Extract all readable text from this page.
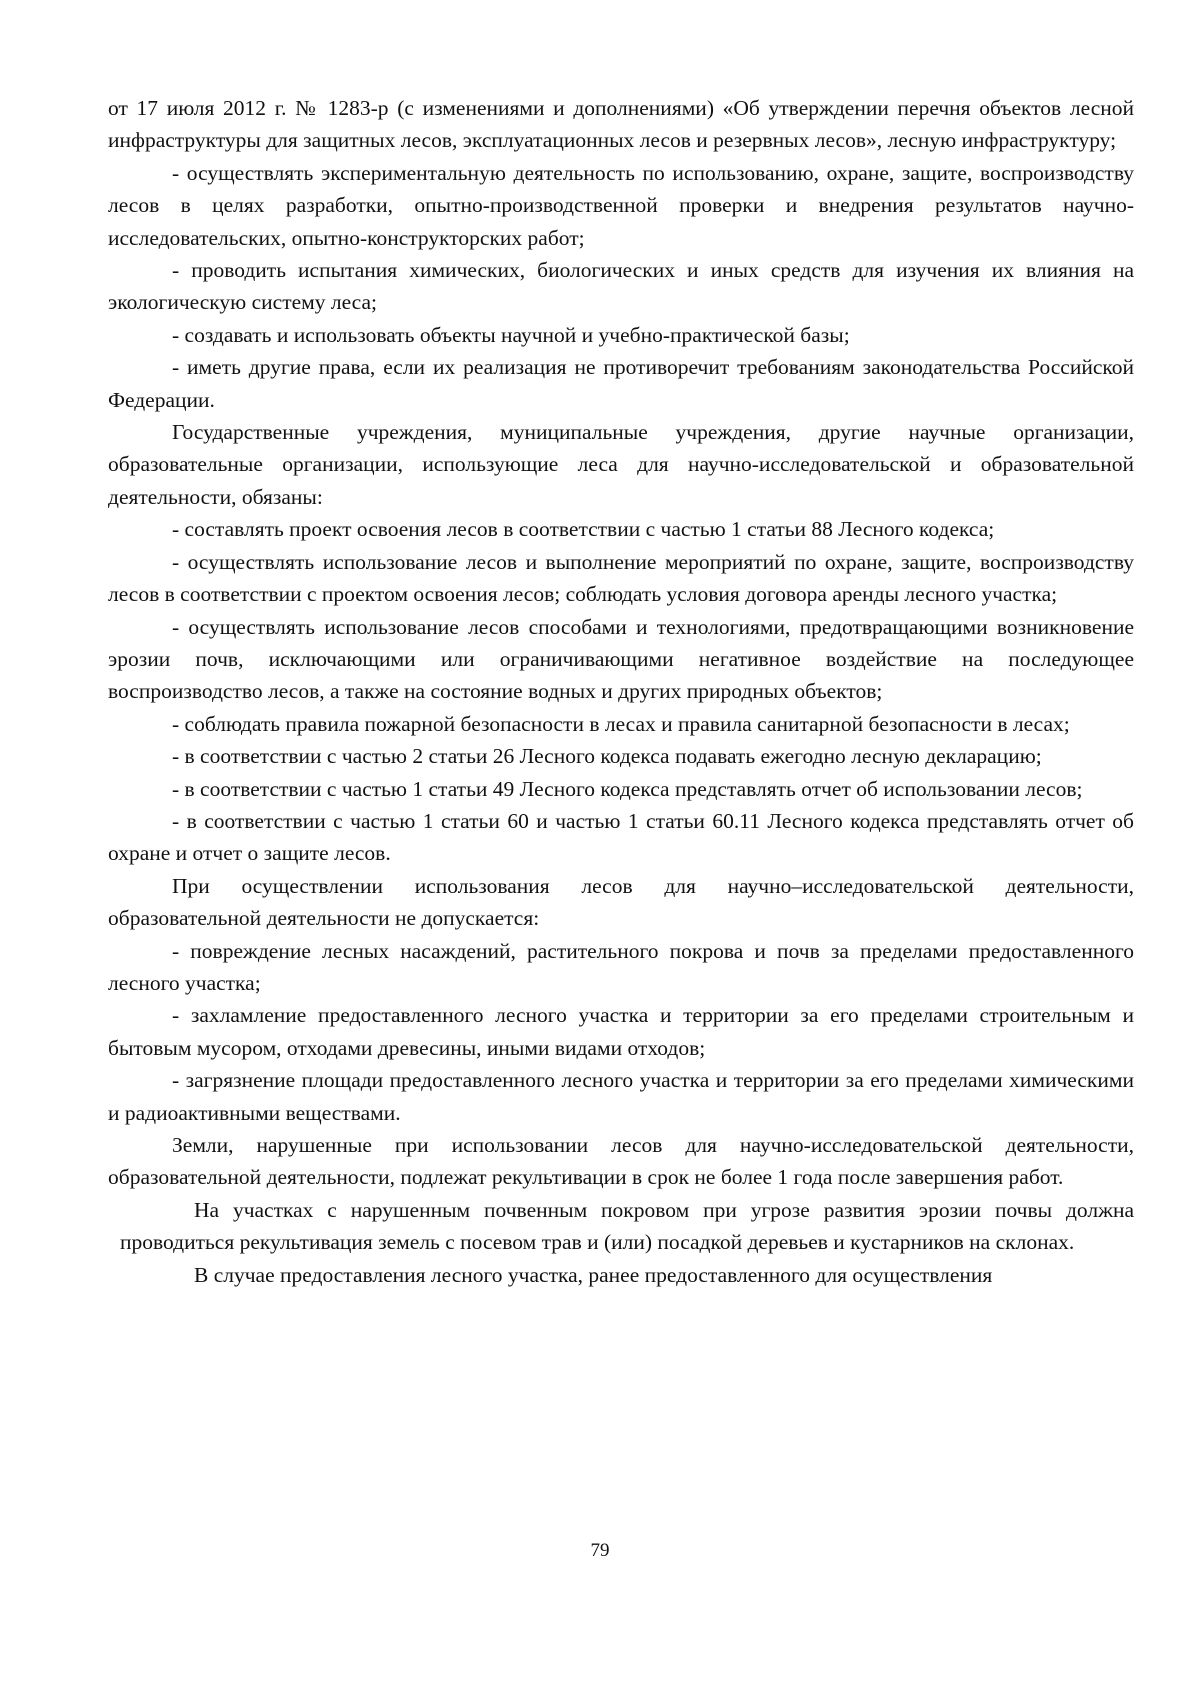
от 17 июля 2012 г. № 1283-р (с изменениями и дополнениями) «Об утверждении перечня объектов лесной инфраструктуры для защитных лесов, эксплуатационных лесов и резервных лесов», лесную инфраструктуру;

- осуществлять экспериментальную деятельность по использованию, охране, защите, воспроизводству лесов в целях разработки, опытно-производственной проверки и внедрения результатов научно-исследовательских, опытно-конструкторских работ;

- проводить испытания химических, биологических и иных средств для изучения их влияния на экологическую систему леса;

- создавать и использовать объекты научной и учебно-практической базы;

- иметь другие права, если их реализация не противоречит требованиям законодательства Российской Федерации.

Государственные учреждения, муниципальные учреждения, другие научные организации, образовательные организации, использующие леса для научно-исследовательской и образовательной деятельности, обязаны:

- составлять проект освоения лесов в соответствии с частью 1 статьи 88 Лесного кодекса;

- осуществлять использование лесов и выполнение мероприятий по охране, защите, воспроизводству лесов в соответствии с проектом освоения лесов; соблюдать условия договора аренды лесного участка;

- осуществлять использование лесов способами и технологиями, предотвращающими возникновение эрозии почв, исключающими или ограничивающими негативное воздействие на последующее воспроизводство лесов, а также на состояние водных и других природных объектов;

- соблюдать правила пожарной безопасности в лесах и правила санитарной безопасности в лесах;

- в соответствии с частью 2 статьи 26 Лесного кодекса подавать ежегодно лесную декларацию;

- в соответствии с частью 1 статьи 49 Лесного кодекса представлять отчет об использовании лесов;

- в соответствии с частью 1 статьи 60 и частью 1 статьи 60.11 Лесного кодекса представлять отчет об охране и отчет о защите лесов.

При осуществлении использования лесов для научно–исследовательской деятельности, образовательной деятельности не допускается:

- повреждение лесных насаждений, растительного покрова и почв за пределами предоставленного лесного участка;

- захламление предоставленного лесного участка и территории за его пределами строительным и бытовым мусором, отходами древесины, иными видами отходов;

- загрязнение площади предоставленного лесного участка и территории за его пределами химическими и радиоактивными веществами.

Земли, нарушенные при использовании лесов для научно-исследовательской деятельности, образовательной деятельности, подлежат рекультивации в срок не более 1 года после завершения работ.

На участках с нарушенным почвенным покровом при угрозе развития эрозии почвы должна проводиться рекультивация земель с посевом трав и (или) посадкой деревьев и кустарников на склонах.

В случае предоставления лесного участка, ранее предоставленного для осуществления

79
